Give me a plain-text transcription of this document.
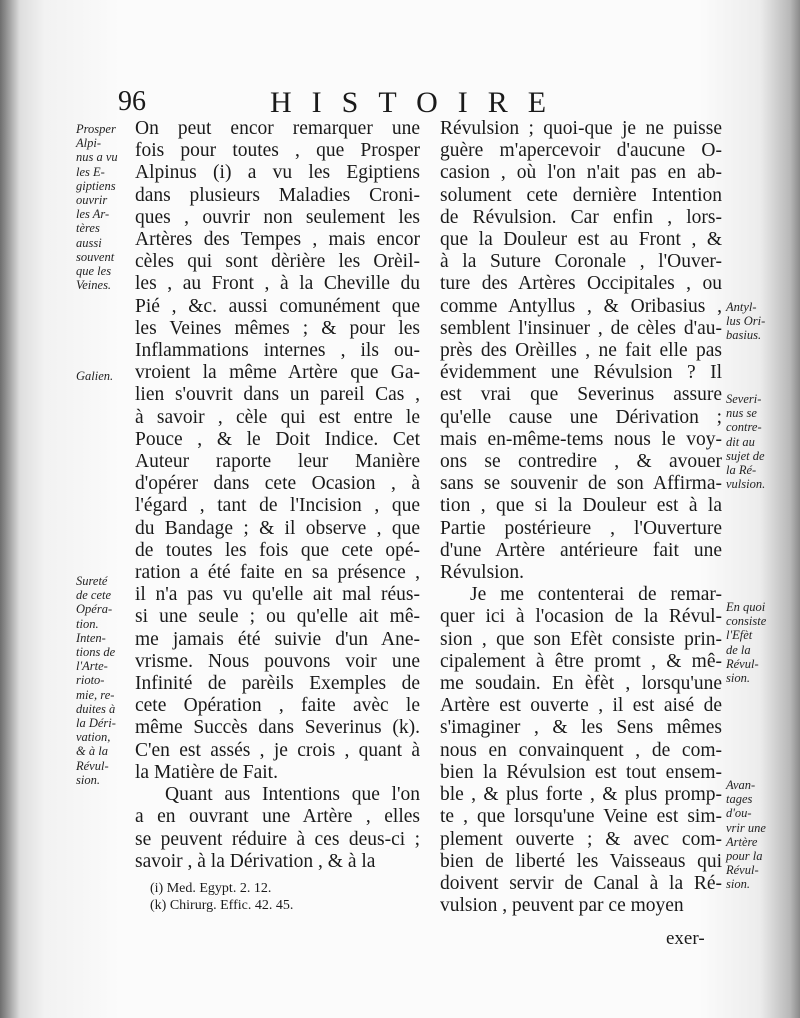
96	HISTOIRE
On peut encor remarquer une
fois pour toutes , que Prosper
Alpinus (i) a vu les Egiptiens
dans plusieurs Maladies Croni-
ques , ouvrir non seulement les
Artères des Tempes , mais encor
cèles qui sont dèrière les Orèil-
les , au Front , à la Cheville du
Pié , &c. aussi comunément que
les Veines mêmes ; & pour les
Inflammations internes , ils ou-
vroient la même Artère que Ga-
lien s'ouvrit dans un pareil Cas ,
à savoir , cèle qui est entre le
Pouce , & le Doit Indice. Cet
Auteur raporte leur Manière
d'opérer dans cete Ocasion , à
l'égard , tant de l'Incision , que
du Bandage ; & il observe , que
de toutes les fois que cete opé-
ration a été faite en sa présence ,
il n'a pas vu qu'elle ait mal réus-
si une seule ; ou qu'elle ait mê-
me jamais été suivie d'un Ane-
vrisme. Nous pouvons voir une
Infinité de parèils Exemples de
cete Opération , faite avèc le
même Succès dans Severinus (k).
C'en est assés , je crois , quant à
la Matière de Fait.
Quant aus Intentions que l'on
a en ouvrant une Artère , elles
se peuvent réduire à ces deus-ci ;
savoir , à la Dérivation , & à la
Révulsion ; quoi-que je ne puisse
guère m'apercevoir d'aucune O-
casion , où l'on n'ait pas en ab-
solument cete dernière Intention
de Révulsion. Car enfin , lors-
que la Douleur est au Front , &
à la Suture Coronale , l'Ouver-
ture des Artères Occipitales , ou
comme Antyllus , & Oribasius ,
semblent l'insinuer , de cèles d'au-
près des Orèilles , ne fait elle pas
évidemment une Révulsion ? Il
est vrai que Severinus assure
qu'elle cause une Dérivation ;
mais en-même-tems nous le voy-
ons se contredire , & avouer
sans se souvenir de son Affirma-
tion , que si la Douleur est à la
Partie postérieure , l'Ouverture
d'une Artère antérieure fait une
Révulsion.
Je me contenterai de remar-
quer ici à l'ocasion de la Révul-
sion , que son Efèt consiste prin-
cipalement à être promt , & mê-
me soudain. En èfèt , lorsqu'une
Artère est ouverte , il est aisé de
s'imaginer , & les Sens mêmes
nous en convainquent , de com-
bien la Révulsion est tout ensem-
ble , & plus forte , & plus promp-
te , que lorsqu'une Veine est sim-
plement ouverte ; & avec com-
bien de liberté les Vaisseaus qui
doivent servir de Canal à la Ré-
vulsion , peuvent par ce moyen
Prosper
Alpi-
nus a vu
les E-
giptiens
ouvrir
les Ar-
tères
aussi
souvent
que les
Veines.
Galien.
Sureté
de cete
Opéra-
tion.
Inten-
tions de
l'Arte-
rioto-
mie, re-
duites à
la Déri-
vation,
& à la
Révul-
sion.
Antyl-
lus Ori-
basius.
Severi-
nus se
contre-
dit au
sujet de
la Ré-
vulsion.
En quoi
consiste
l'Efèt
de la
Révul-
sion.
Avan-
tages
d'ou-
vrir une
Artère
pour la
Révul-
sion.
(i) Med. Egypt. 2. 12.
(k) Chirurg. Effic. 42. 45.
exer-
